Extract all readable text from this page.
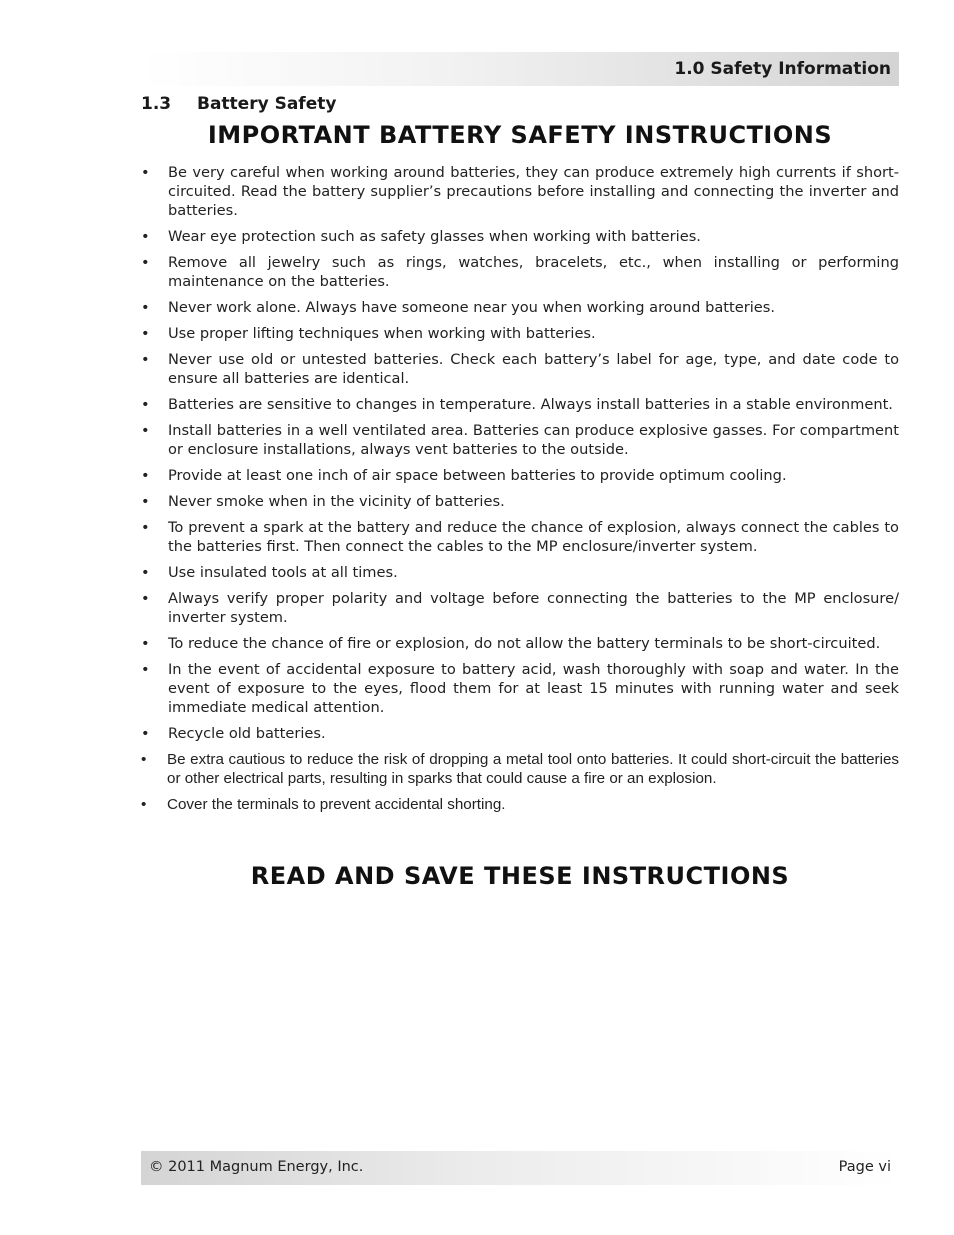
1.0 Safety Information
1.3 Battery Safety
IMPORTANT BATTERY SAFETY INSTRUCTIONS
•	Be very careful when working around batteries, they can produce extremely high currents if short-circuited. Read the battery supplier’s precautions before installing and connecting the inverter and batteries.
•	Wear eye protection such as safety glasses when working with batteries.
•	Remove all jewelry such as rings, watches, bracelets, etc., when installing or performing maintenance on the batteries.
•	Never work alone. Always have someone near you when working around batteries.
•	Use proper lifting techniques when working with batteries.
•	Never use old or untested batteries. Check each battery’s label for age, type, and date code to ensure all batteries are identical.
•	Batteries are sensitive to changes in temperature. Always install batteries in a stable environment.
•	Install batteries in a well ventilated area. Batteries can produce explosive gasses. For compartment or enclosure installations, always vent batteries to the outside.
•	Provide at least one inch of air space between batteries to provide optimum cooling.
•	Never smoke when in the vicinity of batteries.
•	To prevent a spark at the battery and reduce the chance of explosion, always connect the cables to the batteries first. Then connect the cables to the MP enclosure/inverter system.
•	Use insulated tools at all times.
•	Always verify proper polarity and voltage before connecting the batteries to the MP enclosure/ inverter system.
•	To reduce the chance of fire or explosion, do not allow the battery terminals to be short-circuited.
•	In the event of accidental exposure to battery acid, wash thoroughly with soap and water. In the event of exposure to the eyes, flood them for at least 15 minutes with running water and seek immediate medical attention.
•	Recycle old batteries.
•	Be extra cautious to reduce the risk of dropping a metal tool onto batteries. It could short-circuit the batteries or other electrical parts, resulting in sparks that could cause a fire or an explosion.
•	Cover the terminals to prevent accidental shorting.
READ AND SAVE THESE INSTRUCTIONS
© 2011 Magnum Energy, Inc.	Page vi
